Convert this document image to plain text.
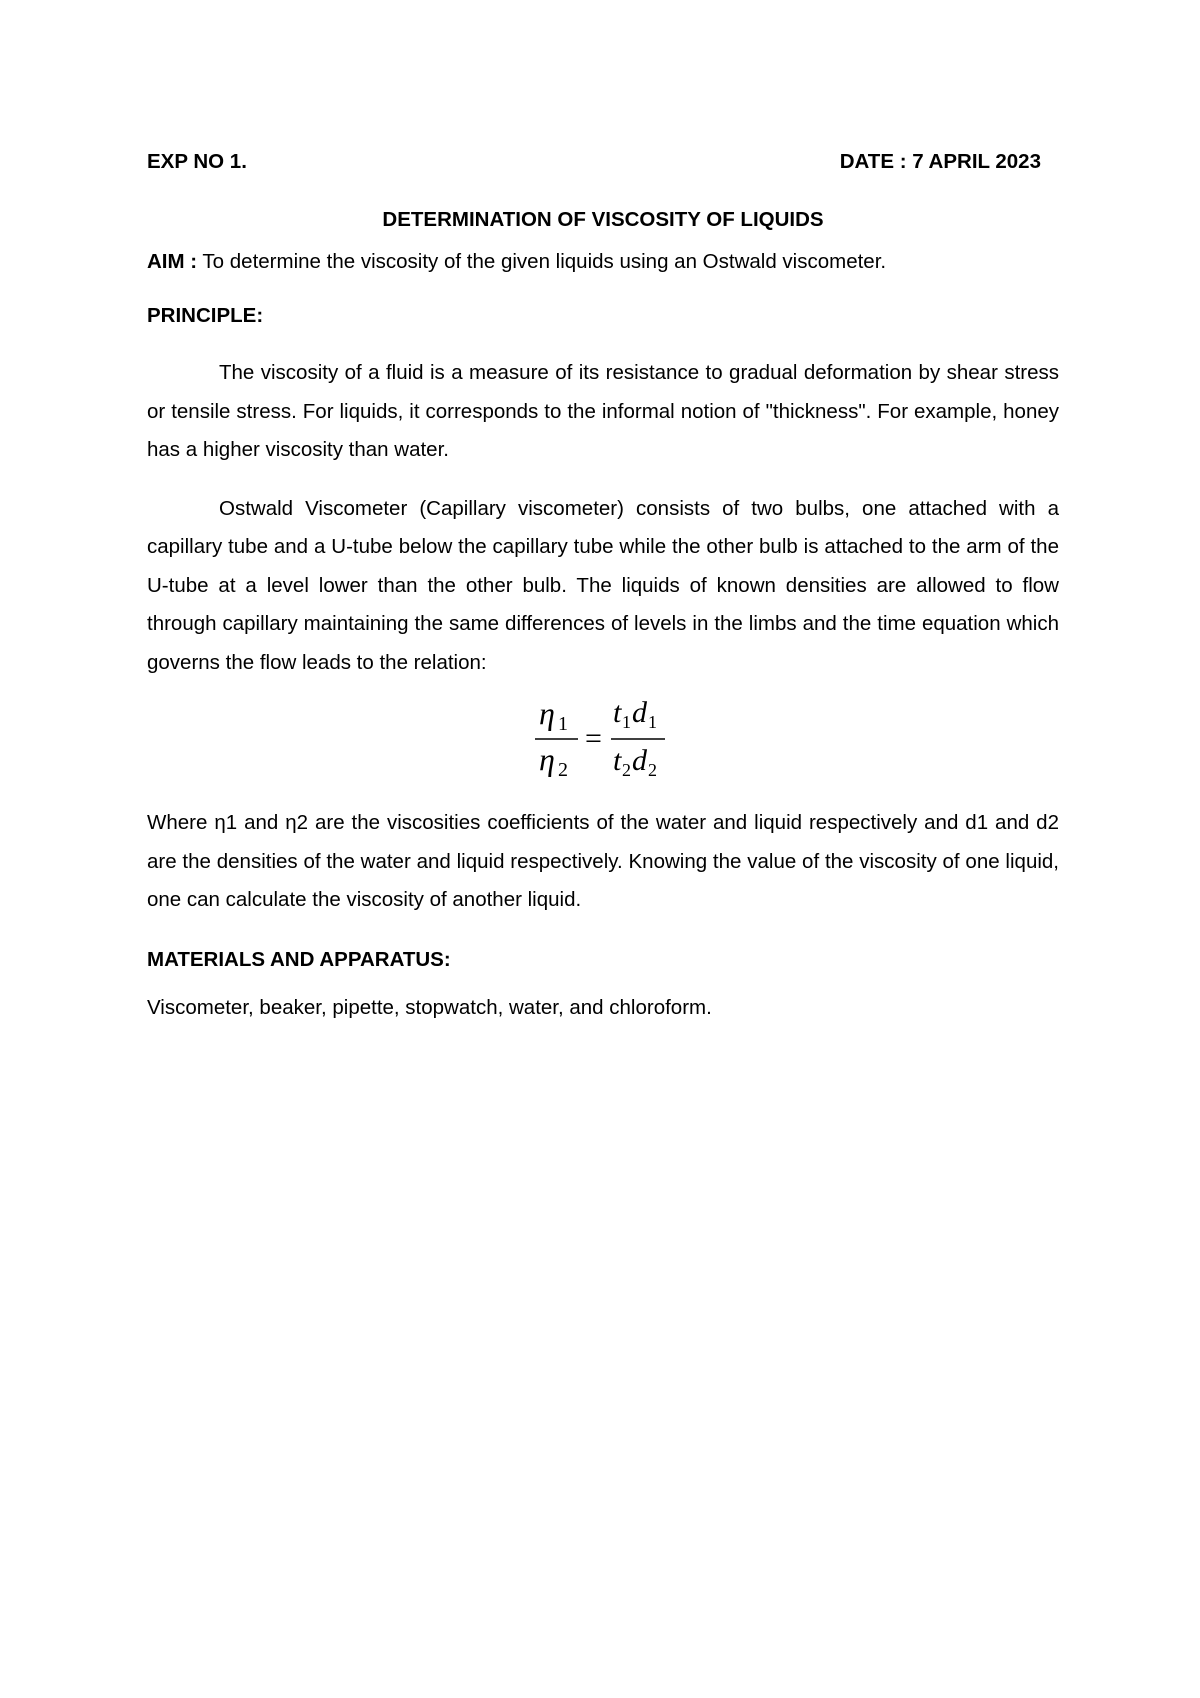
EXP NO 1.	DATE : 7 APRIL 2023
DETERMINATION OF VISCOSITY OF LIQUIDS
AIM : To determine the viscosity of the given liquids using an Ostwald viscometer.
PRINCIPLE:

The viscosity of a fluid is a measure of its resistance to gradual deformation by shear stress or tensile stress. For liquids, it corresponds to the informal notion of "thickness". For example, honey has a higher viscosity than water.

Ostwald Viscometer (Capillary viscometer) consists of two bulbs, one attached with a capillary tube and a U-tube below the capillary tube while the other bulb is attached to the arm of the U-tube at a level lower than the other bulb. The liquids of known densities are allowed to flow through capillary maintaining the same differences of levels in the limbs and the time equation which governs the flow leads to the relation:

η 1
η 2
=
t 1 d 1
t 2 d 2

Where η1 and η2 are the viscosities coefficients of the water and liquid respectively and d1 and d2 are the densities of the water and liquid respectively. Knowing the value of the viscosity of one liquid, one can calculate the viscosity of another liquid.

MATERIALS AND APPARATUS:
Viscometer, beaker, pipette, stopwatch, water, and chloroform.
